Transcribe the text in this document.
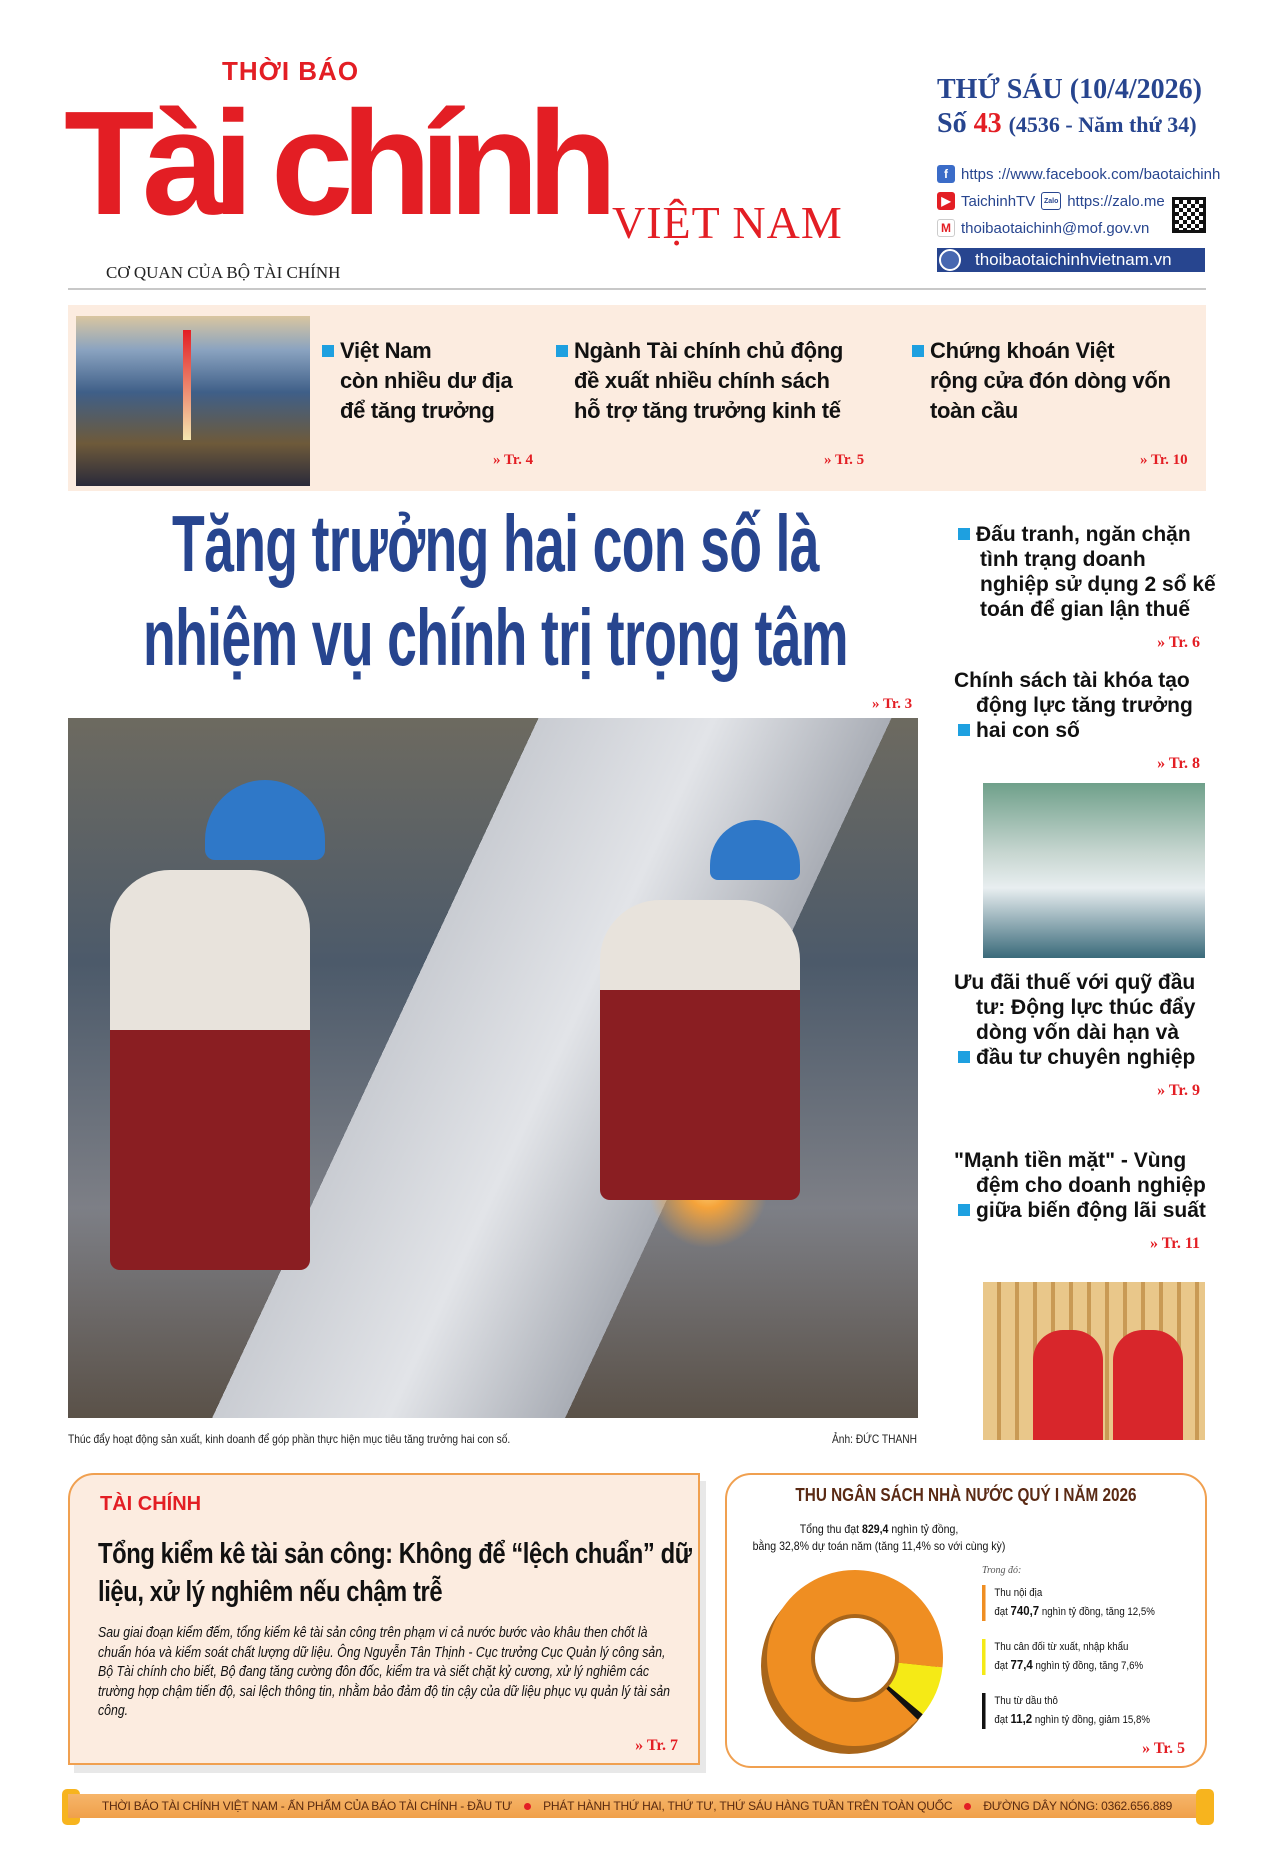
THỜI BÁO
Tài chính VIỆT NAM
CƠ QUAN CỦA BỘ TÀI CHÍNH
THỨ SÁU (10/4/2026)
Số 43 (4536 - Năm thứ 34)
f https ://www.facebook.com/baotaichinh
▶ TaichinhTV	Zalo https://zalo.me
M thoibaotaichinh@mof.gov.vn
thoibaotaichinhvietnam.vn
Việt Nam
còn nhiều dư địa
để tăng trưởng
» Tr. 4
Ngành Tài chính chủ động
đề xuất nhiều chính sách
hỗ trợ tăng trưởng kinh tế
» Tr. 5
Chứng khoán Việt
rộng cửa đón dòng vốn
toàn cầu
» Tr. 10
Tăng trưởng hai con số là
nhiệm vụ chính trị trọng tâm
» Tr. 3
Thúc đẩy hoạt động sản xuất, kinh doanh để góp phần thực hiện mục tiêu tăng trưởng hai con số.	Ảnh: ĐỨC THANH
Đấu tranh, ngăn chặn tình trạng doanh nghiệp sử dụng 2 sổ kế toán để gian lận thuế
» Tr. 6
Chính sách tài khóa tạo động lực tăng trưởng hai con số
» Tr. 8
Ưu đãi thuế với quỹ đầu tư: Động lực thúc đẩy dòng vốn dài hạn và đầu tư chuyên nghiệp
» Tr. 9
"Mạnh tiền mặt" - Vùng đệm cho doanh nghiệp giữa biến động lãi suất
» Tr. 11
TÀI CHÍNH
Tổng kiểm kê tài sản công: Không để “lệch chuẩn” dữ liệu, xử lý nghiêm nếu chậm trễ
Sau giai đoạn kiểm đếm, tổng kiểm kê tài sản công trên phạm vi cả nước bước vào khâu then chốt là chuẩn hóa và kiểm soát chất lượng dữ liệu. Ông Nguyễn Tân Thịnh - Cục trưởng Cục Quản lý công sản, Bộ Tài chính cho biết, Bộ đang tăng cường đôn đốc, kiểm tra và siết chặt kỷ cương, xử lý nghiêm các trường hợp chậm tiến độ, sai lệch thông tin, nhằm bảo đảm độ tin cậy của dữ liệu phục vụ quản lý tài sản công.
» Tr. 7
THU NGÂN SÁCH NHÀ NƯỚC QUÝ I NĂM 2026
Tổng thu đạt 829,4 nghìn tỷ đồng,
bằng 32,8% dự toán năm (tăng 11,4% so với cùng kỳ)
Trong đó:
Thu nội địa
đạt 740,7 nghìn tỷ đồng, tăng 12,5%
Thu cân đối từ xuất, nhập khẩu
đạt 77,4 nghìn tỷ đồng, tăng 7,6%
Thu từ dầu thô
đạt 11,2 nghìn tỷ đồng, giảm 15,8%
» Tr. 5
THỜI BÁO TÀI CHÍNH VIỆT NAM - ẤN PHẨM CỦA BÁO TÀI CHÍNH - ĐẦU TƯ	PHÁT HÀNH THỨ HAI, THỨ TƯ, THỨ SÁU HÀNG TUẦN TRÊN TOÀN QUỐC	ĐƯỜNG DÂY NÓNG: 0362.656.889
